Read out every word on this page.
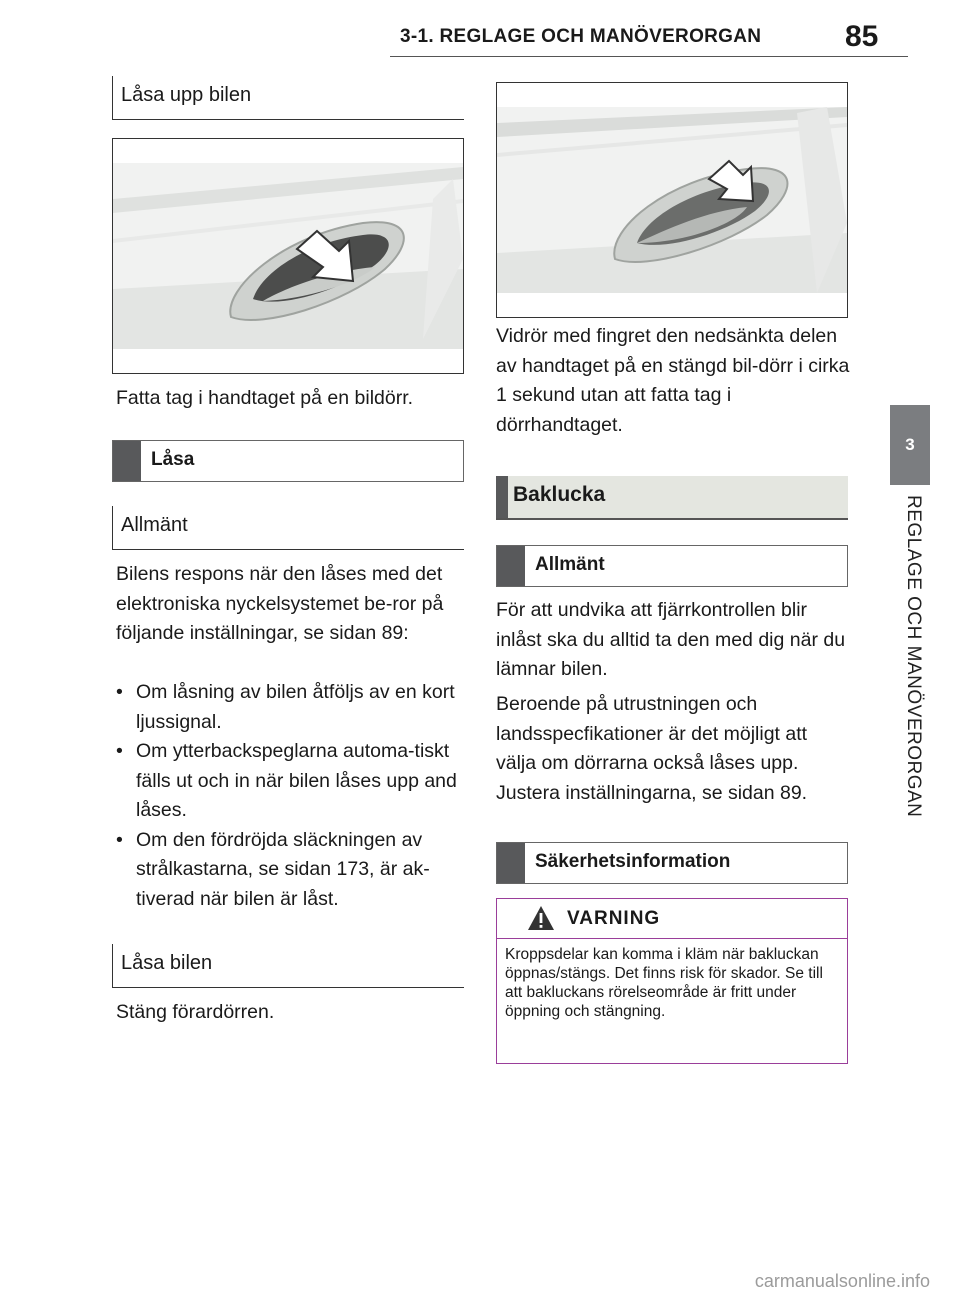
3-1. REGLAGE OCH MANÖVERORGAN	85
3
REGLAGE OCH MANÖVERORGAN
Låsa upp bilen
Fatta tag i handtaget på en bildörr.
Låsa
Allmänt
Bilens respons när den låses med det elektroniska nyckelsystemet be-ror på följande inställningar, se sidan 89:
• Om låsning av bilen åtföljs av en kort ljussignal.
• Om ytterbackspeglarna automa-tiskt fälls ut och in när bilen låses upp and låses.
• Om den fördröjda släckningen av strålkastarna, se sidan 173, är ak-tiverad när bilen är låst.
Låsa bilen
Stäng förardörren.
Vidrör med fingret den nedsänkta delen av handtaget på en stängd bil-dörr i cirka 1 sekund utan att fatta tag i dörrhandtaget.
Baklucka
Allmänt
För att undvika att fjärrkontrollen blir inlåst ska du alltid ta den med dig när du lämnar bilen.
Beroende på utrustningen och landsspecfikationer är det möjligt att välja om dörrarna också låses upp. Justera inställningarna, se sidan 89.
Säkerhetsinformation
VARNING
Kroppsdelar kan komma i kläm när bakluckan öppnas/stängs. Det finns risk för skador. Se till att bakluckans rörelseområde är fritt under öppning och stängning.
carmanualsonline.info
